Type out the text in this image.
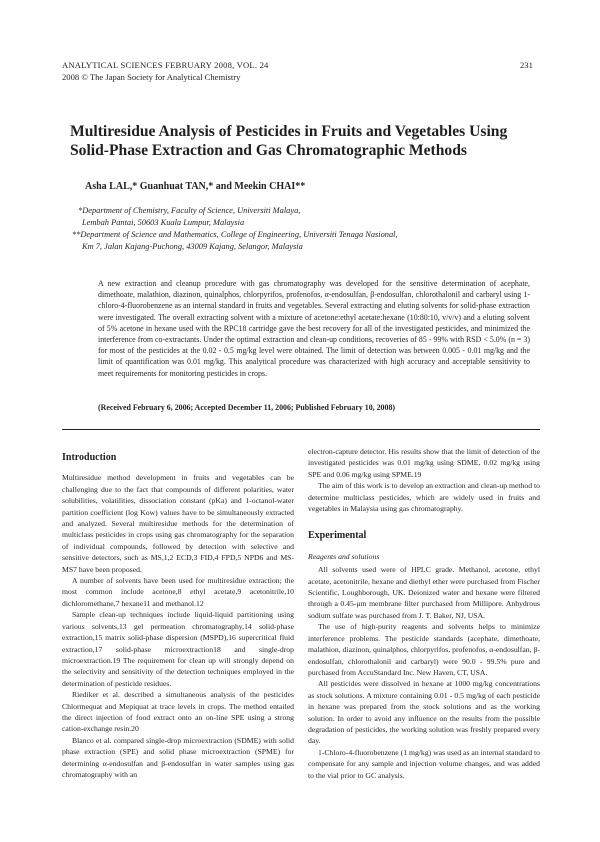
ANALYTICAL SCIENCES FEBRUARY 2008, VOL. 24
2008 © The Japan Society for Analytical Chemistry
231
Multiresidue Analysis of Pesticides in Fruits and Vegetables Using
Solid-Phase Extraction and Gas Chromatographic Methods
Asha LAL,* Guanhuat TAN,* and Meekin CHAI**
*Department of Chemistry, Faculty of Science, Universiti Malaya,
Lembah Pantai, 50603 Kuala Lumpur, Malaysia
**Department of Science and Mathematics, College of Engineering, Universiti Tenaga Nasional,
Km 7, Jalan Kajang-Puchong, 43009 Kajang, Selangor, Malaysia
A new extraction and cleanup procedure with gas chromatography was developed for the sensitive determination of acephate, dimethoate, malathion, diazinon, quinalphos, chlorpyrifos, profenofos, α-endosulfan, β-endosulfan, chlorothalonil and carbaryl using 1-chloro-4-fluorobenzene as an internal standard in fruits and vegetables. Several extracting and eluting solvents for solid-phase extraction were investigated. The overall extracting solvent with a mixture of acetone:ethyl acetate:hexane (10:80:10, v/v/v) and a eluting solvent of 5% acetone in hexane used with the RPC18 cartridge gave the best recovery for all of the investigated pesticides, and minimized the interference from co-extractants. Under the optimal extraction and clean-up conditions, recoveries of 85 - 99% with RSD < 5.0% (n = 3) for most of the pesticides at the 0.02 - 0.5 mg/kg level were obtained. The limit of detection was between 0.005 - 0.01 mg/kg and the limit of quantification was 0.01 mg/kg. This analytical procedure was characterized with high accuracy and acceptable sensitivity to meet requirements for monitoring pesticides in crops.
(Received February 6, 2006; Accepted December 11, 2006; Published February 10, 2008)
Introduction

Multiresidue method development in fruits and vegetables can be challenging due to the fact that compounds of different polarities, water solubilities, volatilities, dissociation constant (pKa) and 1-octanol-water partition coefficient (log Kow) values have to be simultaneously extracted and analyzed. Several multiresidue methods for the determination of multiclass pesticides in crops using gas chromatography for the separation of individual compounds, followed by detection with selective and sensitive detectors, such as MS,1,2 ECD,3 FID,4 FPD,5 NPD6 and MS-MS7 have been proposed.

A number of solvents have been used for multiresidue extraction; the most common include acetone,8 ethyl acetate,9 acetonitrile,10 dichloromethane,7 hexane11 and methanol.12

Sample clean-up techniques include liquid-liquid partitioning using various solvents,13 gel permeation chromatography,14 solid-phase extraction,15 matrix solid-phase dispersion (MSPD),16 supercritical fluid extraction,17 solid-phase microextraction18 and single-drop microextraction.19 The requirement for clean up will strongly depend on the selectivity and sensitivity of the detection techniques employed in the determination of pesticide residues.

Riediker et al. described a simultaneous analysis of the pesticides Chlormequat and Mepiquat at trace levels in crops. The method entailed the direct injection of food extract onto an on-line SPE using a strong cation-exchange resin.20

Blanco et al. compared single-drop microextraction (SDME) with solid phase extraction (SPE) and solid phase microextraction (SPME) for determining α-endosulfan and β-endosulfan in water samples using gas chromatography with an

electron-capture detector. His results show that the limit of detection of the investigated pesticides was 0.01 mg/kg using SDME, 0.02 mg/kg using SPE and 0.06 mg/kg using SPME.19

The aim of this work is to develop an extraction and clean-up method to determine multiclass pesticides, which are widely used in fruits and vegetables in Malaysia using gas chromatography.

Experimental
Reagents and solutions

All solvents used were of HPLC grade. Methanol, acetone, ethyl acetate, acetonitrile, hexane and diethyl ether were purchased from Fischer Scientific, Loughborough, UK. Deionized water and hexane were filtered through a 0.45-μm membrane filter purchased from Millipore. Anhydrous sodium sulfate was purchased from J. T. Baker, NJ, USA.

The use of high-purity reagents and solvents helps to minimize interference problems. The pesticide standards (acephate, dimethoate, malathion, diazinon, quinalphos, chlorpyrifos, profenofos, α-endosulfan, β-endosulfan, chlorothalonil and carbaryl) were 90.0 - 99.5% pure and purchased from AccuStandard Inc. New Haven, CT, USA.

All pesticides were dissolved in hexane at 1000 mg/kg concentrations as stock solutions. A mixture containing 0.01 - 0.5 mg/kg of each pesticide in hexane was prepared from the stock solutions and as the working solution. In order to avoid any influence on the results from the possible degradation of pesticides, the working solution was freshly prepared every day.

1-Chloro-4-fluorobenzene (1 mg/kg) was used as an internal standard to compensate for any sample and injection volume changes, and was added to the vial prior to GC analysis.
